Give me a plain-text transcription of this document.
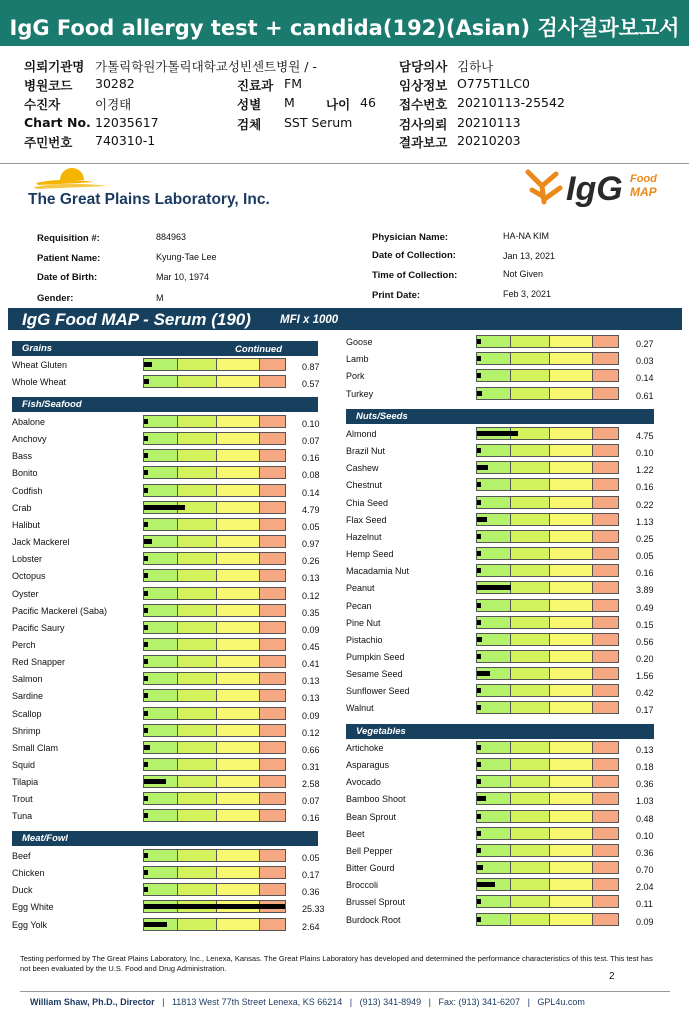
IgG Food allergy test + candida(192)(Asian) 검사결과보고서
의뢰기관명 가톨릭학원가톨릭대학교성빈센트병원 / -
병원코드 30282
수진자	이경태
Chart No. 12035617
주민번호 740310-1
진료과 FM
성별 M
검체 SST Serum
나이 46
담당의사 김하나
임상정보 O775T1LC0
접수번호 20210113-25542
검사의뢰 20210113
결과보고 20210203
The Great Plains Laboratory, Inc.	IgG Food
MAP
Requisition #:	884963
Patient Name:	Kyung-Tae Lee
Date of Birth:	Mar 10, 1974
Gender:	M
Physician Name:	HA-NA KIM
Date of Collection:	Jan 13, 2021
Time of Collection:	Not Given
Print Date:	Feb 3, 2021
IgG Food MAP - Serum (190)	MFI x 1000
Grains	Continued
Wheat Gluten	0.87
Whole Wheat	0.57
Fish/Seafood
Abalone	0.10
Anchovy	0.07
Bass	0.16
Bonito	0.08
Codfish	0.14
Crab	4.79
Halibut	0.05
Jack Mackerel	0.97
Lobster	0.26
Octopus	0.13
Oyster	0.12
Pacific Mackerel (Saba)	0.35
Pacific Saury	0.09
Perch	0.45
Red Snapper	0.41
Salmon	0.13
Sardine	0.13
Scallop	0.09
Shrimp	0.12
Small Clam	0.66
Squid	0.31
Tilapia	2.58
Trout	0.07
Tuna	0.16
Meat/Fowl
Beef	0.05
Chicken	0.17
Duck	0.36
Egg White	25.33
Egg Yolk	2.64
Goose	0.27
Lamb	0.03
Pork	0.14
Turkey	0.61
Nuts/Seeds
Almond	4.75
Brazil Nut	0.10
Cashew	1.22
Chestnut	0.16
Chia Seed	0.22
Flax Seed	1.13
Hazelnut	0.25
Hemp Seed	0.05
Macadamia Nut	0.16
Peanut	3.89
Pecan	0.49
Pine Nut	0.15
Pistachio	0.56
Pumpkin Seed	0.20
Sesame Seed	1.56
Sunflower Seed	0.42
Walnut	0.17
Vegetables
Artichoke	0.13
Asparagus	0.18
Avocado	0.36
Bamboo Shoot	1.03
Bean Sprout	0.48
Beet	0.10
Bell Pepper	0.36
Bitter Gourd	0.70
Broccoli	2.04
Brussel Sprout	0.11
Burdock Root	0.09
Testing performed by The Great Plains Laboratory, Inc., Lenexa, Kansas. The Great Plains Laboratory has developed and determined the performance characteristics of this test. This test has not been evaluated by the U.S. Food and Drug Administration.
2
William Shaw, Ph.D., Director   |   11813 West 77th Street Lenexa, KS 66214   |   (913) 341-8949   |   Fax: (913) 341-6207   |   GPL4u.com
